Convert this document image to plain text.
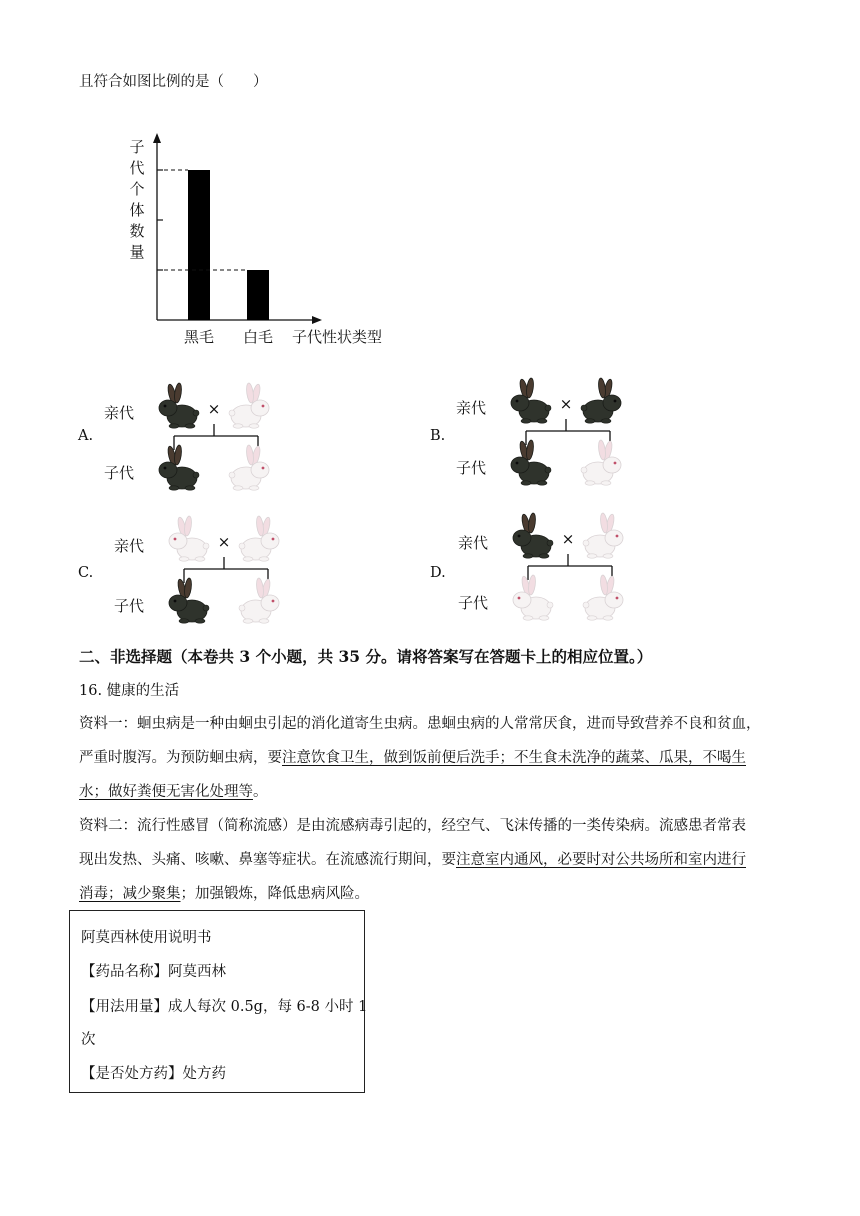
且符合如图比例的是（　　）
子代个体数量
黑毛 白毛 子代性状类型
A.
亲代
子代
×
B.
亲代
子代
×
C.
亲代
子代
×
D.
亲代
子代
×
二、非选择题（本卷共 3 个小题，共 35 分。请将答案写在答题卡上的相应位置。）
16. 健康的生活
资料一：蛔虫病是一种由蛔虫引起的消化道寄生虫病。患蛔虫病的人常常厌食，进而导致营养不良和贫血，
严重时腹泻。为预防蛔虫病，要注意饮食卫生，做到饭前便后洗手；不生食未洗净的蔬菜、瓜果，不喝生
水；做好粪便无害化处理等。
资料二：流行性感冒（简称流感）是由流感病毒引起的，经空气、飞沫传播的一类传染病。流感患者常表
现出发热、头痛、咳嗽、鼻塞等症状。在流感流行期间，要注意室内通风，必要时对公共场所和室内进行
消毒；减少聚集；加强锻炼，降低患病风险。
阿莫西林使用说明书
【药品名称】阿莫西林
【用法用量】成人每次 0.5g，每 6-8 小时 1
次
【是否处方药】处方药
